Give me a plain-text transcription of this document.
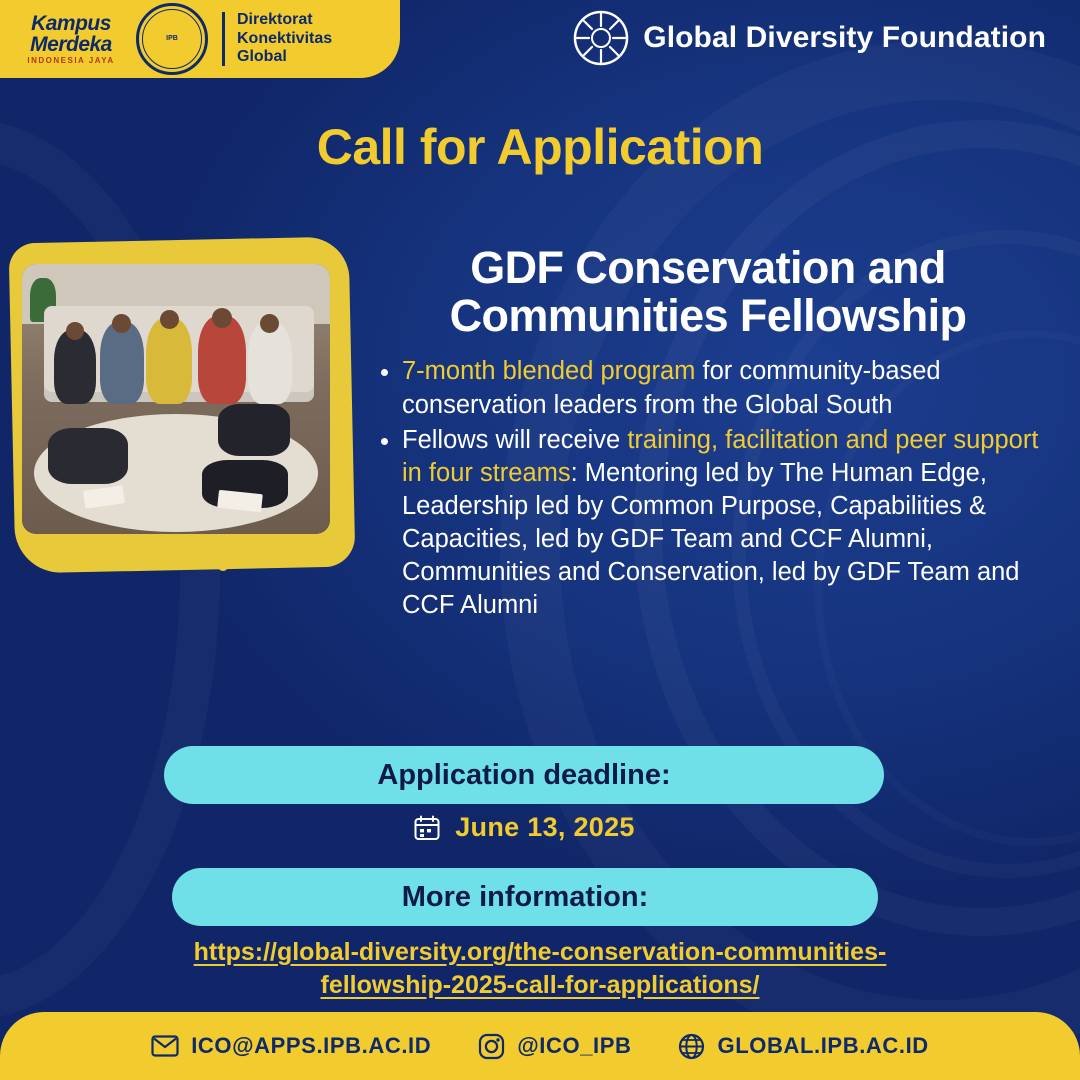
Kampus
Merdeka
INDONESIA JAYA
IPB
Direktorat
Konektivitas
Global
Global Diversity Foundation
Call for Application
GDF Conservation and
Communities Fellowship
• 7-month blended program for community-based conservation leaders from the Global South
• Fellows will receive training, facilitation and peer support in four streams: Mentoring led by The Human Edge, Leadership led by Common Purpose, Capabilities & Capacities, led by GDF Team and CCF Alumni, Communities and Conservation, led by GDF Team and CCF Alumni
Application deadline:
June 13, 2025
More information:
https://global-diversity.org/the-conservation-communities-
fellowship-2025-call-for-applications/
ICO@APPS.IPB.AC.ID	@ICO_IPB	GLOBAL.IPB.AC.ID
